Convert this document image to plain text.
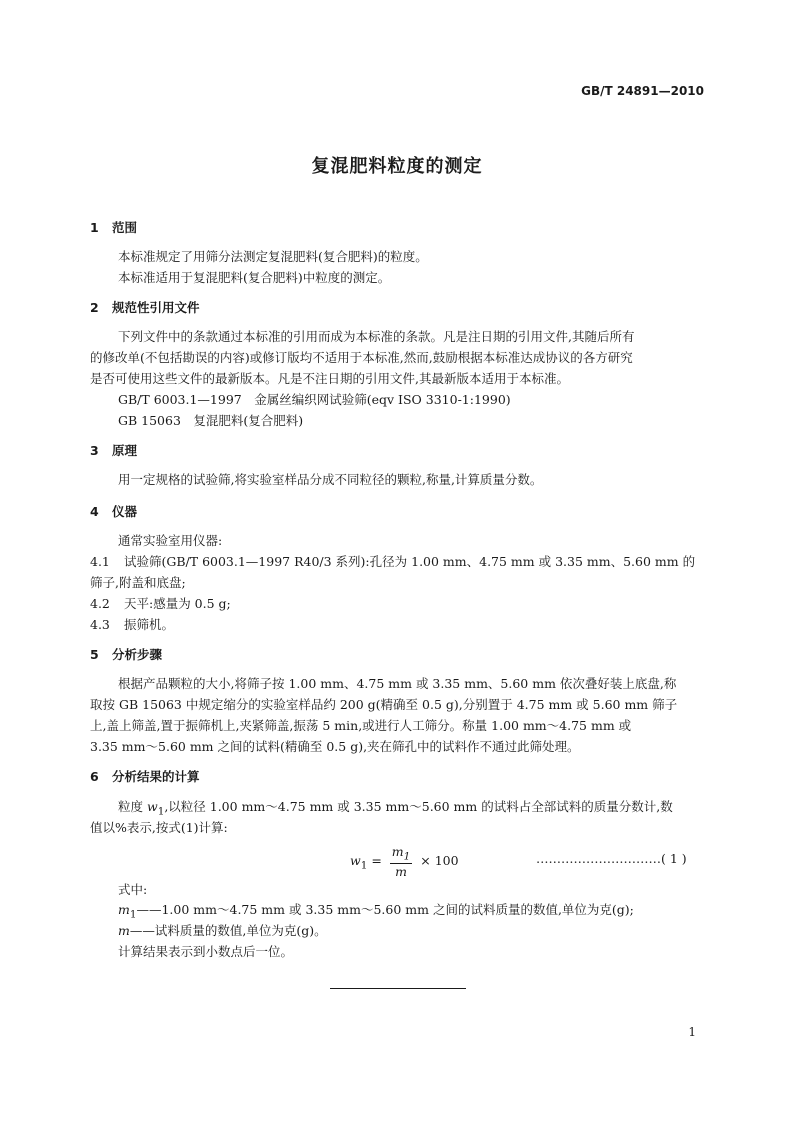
GB/T 24891—2010
复混肥料粒度的测定
1 范围
本标准规定了用筛分法测定复混肥料(复合肥料)的粒度。
本标准适用于复混肥料(复合肥料)中粒度的测定。
2 规范性引用文件
下列文件中的条款通过本标准的引用而成为本标准的条款。凡是注日期的引用文件,其随后所有
的修改单(不包括勘误的内容)或修订版均不适用于本标准,然而,鼓励根据本标准达成协议的各方研究
是否可使用这些文件的最新版本。凡是不注日期的引用文件,其最新版本适用于本标准。
GB/T 6003.1—1997　金属丝编织网试验筛(eqv ISO 3310-1:1990)
GB 15063　复混肥料(复合肥料)
3 原理
用一定规格的试验筛,将实验室样品分成不同粒径的颗粒,称量,计算质量分数。
4 仪器
通常实验室用仪器:
4.1 试验筛(GB/T 6003.1—1997 R40/3 系列):孔径为 1.00 mm、4.75 mm 或 3.35 mm、5.60 mm 的
筛子,附盖和底盘;
4.2 天平:感量为 0.5 g;
4.3 振筛机。
5 分析步骤
根据产品颗粒的大小,将筛子按 1.00 mm、4.75 mm 或 3.35 mm、5.60 mm 依次叠好装上底盘,称
取按 GB 15063 中规定缩分的实验室样品约 200 g(精确至 0.5 g),分别置于 4.75 mm 或 5.60 mm 筛子
上,盖上筛盖,置于振筛机上,夹紧筛盖,振荡 5 min,或进行人工筛分。称量 1.00 mm～4.75 mm 或
3.35 mm～5.60 mm 之间的试料(精确至 0.5 g),夹在筛孔中的试料作不通过此筛处理。
6 分析结果的计算
粒度 $w_1$,以粒径 1.00 mm～4.75 mm 或 3.35 mm～5.60 mm 的试料占全部试料的质量分数计,数
值以%表示,按式(1)计算:
$w_1 = \frac{m_1}{m} \times 100$	…………………………( 1 )
式中:
$m_1——1.00$ mm～4.75 mm 或 3.35 mm～5.60 mm 之间的试料质量的数值,单位为克(g);
m——试料质量的数值,单位为克(g)。
计算结果表示到小数点后一位。
1
